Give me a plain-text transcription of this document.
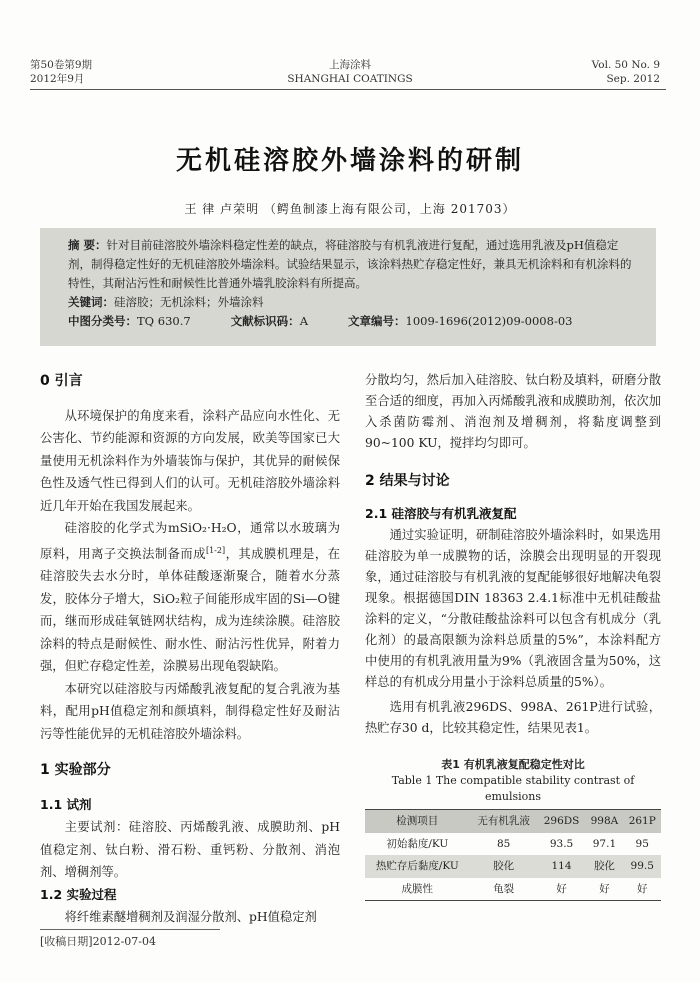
第50卷第9期
2012年9月
上海涂料
SHANGHAI COATINGS
Vol. 50 No. 9
Sep. 2012
无机硅溶胶外墙涂料的研制
王 律 卢荣明 （鳄鱼制漆上海有限公司，上海 201703）

摘 要：针对目前硅溶胶外墙涂料稳定性差的缺点，将硅溶胶与有机乳液进行复配，通过选用乳液及pH值稳定剂，制得稳定性好的无机硅溶胶外墙涂料。试验结果显示，该涂料热贮存稳定性好，兼具无机涂料和有机涂料的特性，其耐沾污性和耐候性比普通外墙乳胶涂料有所提高。

关键词：硅溶胶；无机涂料；外墙涂料

中图分类号：TQ 630.7	文献标识码：A	文章编号：1009-1696(2012)09-0008-03

0 引言

从环境保护的角度来看，涂料产品应向水性化、无公害化、节约能源和资源的方向发展，欧美等国家已大量使用无机涂料作为外墙装饰与保护，其优异的耐候保色性及透气性已得到人们的认可。无机硅溶胶外墙涂料近几年开始在我国发展起来。

硅溶胶的化学式为mSiO₂·H₂O，通常以水玻璃为原料，用离子交换法制备而成[1-2]，其成膜机理是，在硅溶胶失去水分时，单体硅酸逐渐聚合，随着水分蒸发，胶体分子增大，SiO₂粒子间能形成牢固的Si—O键而，继而形成硅氧链网状结构，成为连续涂膜。硅溶胶涂料的特点是耐候性、耐水性、耐沾污性优异，附着力强，但贮存稳定性差，涂膜易出现龟裂缺陷。

本研究以硅溶胶与丙烯酸乳液复配的复合乳液为基料，配用pH值稳定剂和颜填料，制得稳定性好及耐沾污等性能优异的无机硅溶胶外墙涂料。

1 实验部分

1.1 试剂

主要试剂：硅溶胶、丙烯酸乳液、成膜助剂、pH值稳定剂、钛白粉、滑石粉、重钙粉、分散剂、消泡剂、增稠剂等。

1.2 实验过程

将纤维素醚增稠剂及润湿分散剂、pH值稳定剂

分散均匀，然后加入硅溶胶、钛白粉及填料，研磨分散至合适的细度，再加入丙烯酸乳液和成膜助剂，依次加入杀菌防霉剂、消泡剂及增稠剂，将黏度调整到90~100 KU，搅拌均匀即可。

2 结果与讨论

2.1 硅溶胶与有机乳液复配

通过实验证明，研制硅溶胶外墙涂料时，如果选用硅溶胶为单一成膜物的话，涂膜会出现明显的开裂现象，通过硅溶胶与有机乳液的复配能够很好地解决龟裂现象。根据德国DIN 18363 2.4.1标准中无机硅酸盐涂料的定义，“分散硅酸盐涂料可以包含有机成分（乳化剂）的最高限额为涂料总质量的5%”，本涂料配方中使用的有机乳液用量为9%（乳液固含量为50%，这样总的有机成分用量小于涂料总质量的5%）。

选用有机乳液296DS、998A、261P进行试验，热贮存30 d，比较其稳定性，结果见表1。

表1 有机乳液复配稳定性对比

Table 1 The compatible stability contrast of emulsions

检测项目	无有机乳液	296DS	998A	261P
初始黏度/KU	85	93.5	97.1	95
热贮存后黏度/KU	胶化	114	胶化	99.5
成膜性	龟裂	好	好	好
[收稿日期]2012-07-04
